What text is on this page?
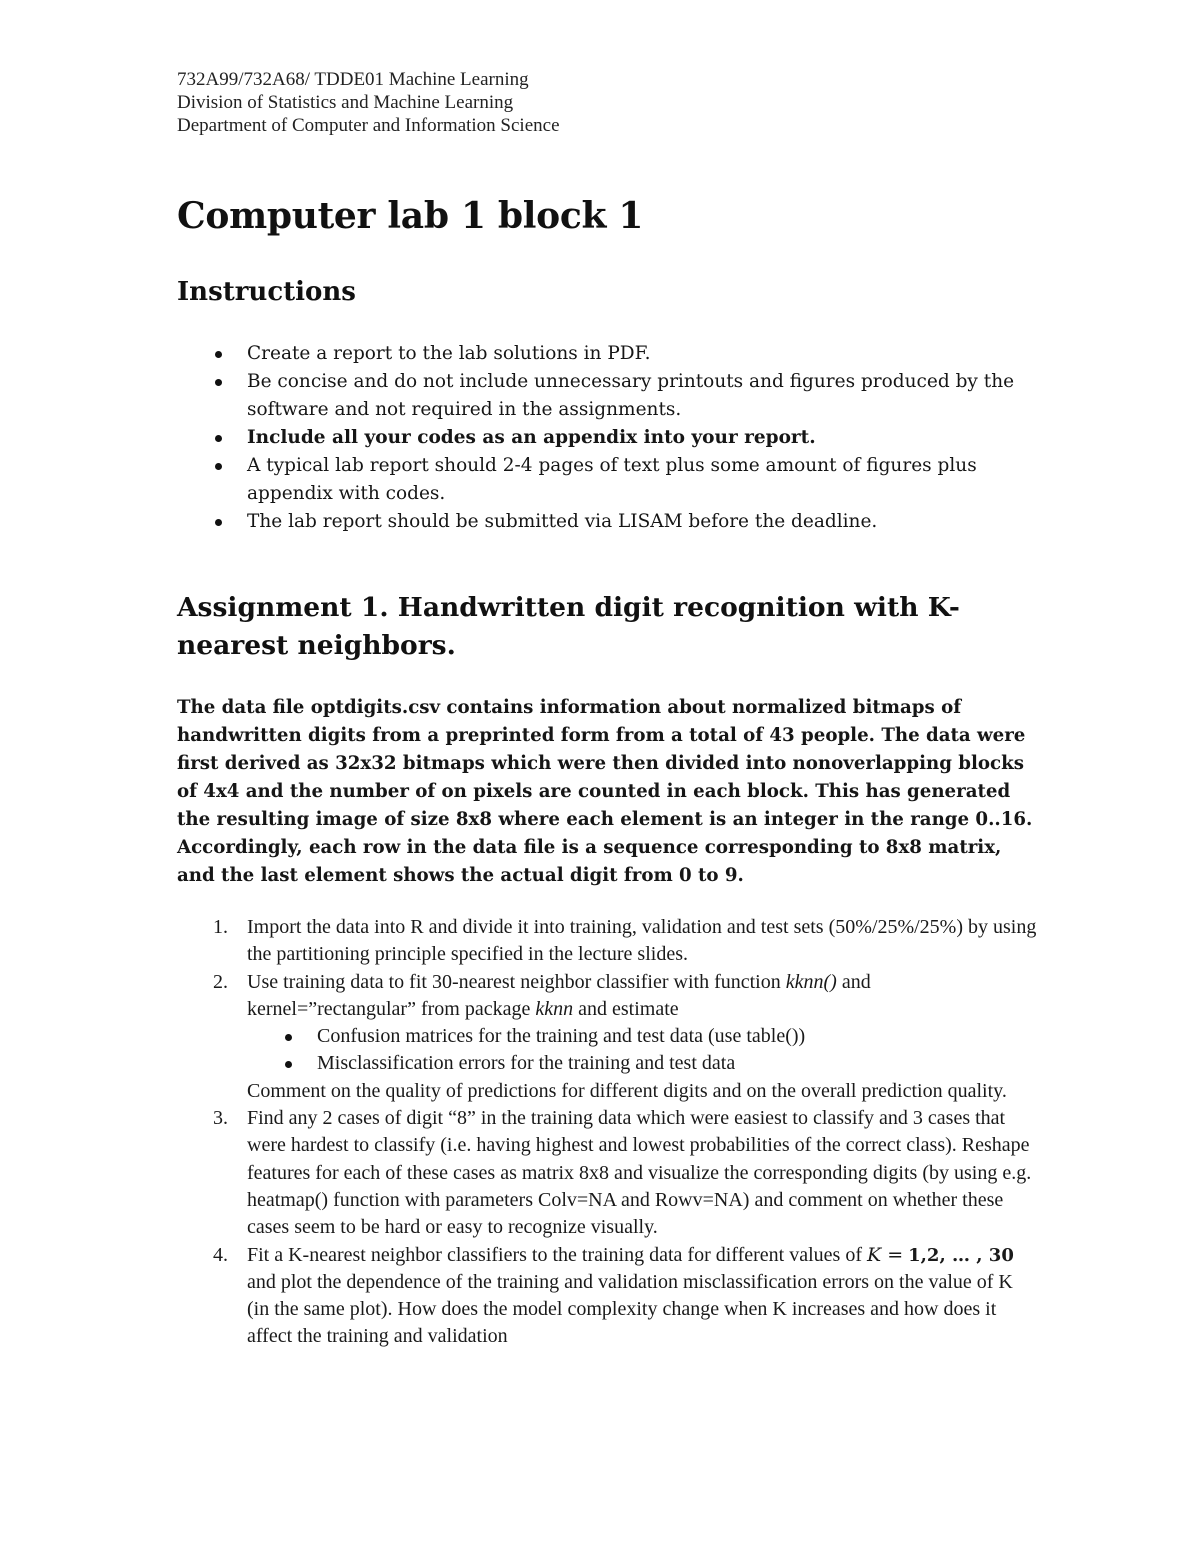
732A99/732A68/ TDDE01 Machine Learning
Division of Statistics and Machine Learning
Department of Computer and Information Science
Computer lab 1 block 1
Instructions
Create a report to the lab solutions in PDF.
Be concise and do not include unnecessary printouts and figures produced by the software and not required in the assignments.
Include all your codes as an appendix into your report.
A typical lab report should 2-4 pages of text plus some amount of figures plus appendix with codes.
The lab report should be submitted via LISAM before the deadline.
Assignment 1. Handwritten digit recognition with K-nearest neighbors.

The data file optdigits.csv contains information about normalized bitmaps of handwritten digits from a preprinted form from a total of 43 people. The data were first derived as 32x32 bitmaps which were then divided into nonoverlapping blocks of 4x4 and the number of on pixels are counted in each block. This has generated the resulting image of size 8x8 where each element is an integer in the range 0..16. Accordingly, each row in the data file is a sequence corresponding to 8x8 matrix, and the last element shows the actual digit from 0 to 9.

1. Import the data into R and divide it into training, validation and test sets (50%/25%/25%) by using the partitioning principle specified in the lecture slides.
2. Use training data to fit 30-nearest neighbor classifier with function kknn() and kernel=”rectangular” from package kknn and estimate
Confusion matrices for the training and test data (use table())
Misclassification errors for the training and test data
Comment on the quality of predictions for different digits and on the overall prediction quality.
3. Find any 2 cases of digit “8” in the training data which were easiest to classify and 3 cases that were hardest to classify (i.e. having highest and lowest probabilities of the correct class). Reshape features for each of these cases as matrix 8x8 and visualize the corresponding digits (by using e.g. heatmap() function with parameters Colv=NA and Rowv=NA) and comment on whether these cases seem to be hard or easy to recognize visually.
4. Fit a K-nearest neighbor classifiers to the training data for different values of K = 1,2, … , 30 and plot the dependence of the training and validation misclassification errors on the value of K (in the same plot). How does the model complexity change when K increases and how does it affect the training and validation
